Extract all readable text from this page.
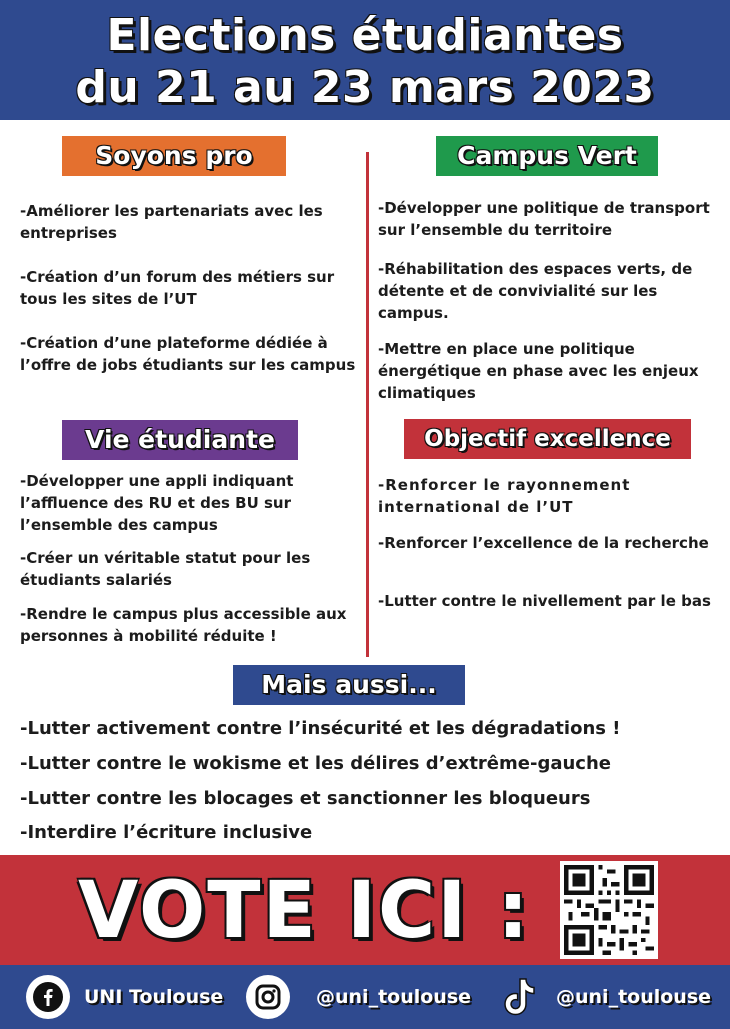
Elections étudiantes
du 21 au 23 mars 2023
Soyons pro
-Améliorer les partenariats avec les entreprises
-Création d’un forum des métiers sur tous les sites de l’UT
-Création d’une plateforme dédiée à l’offre de jobs étudiants sur les campus
Campus Vert
-Développer une politique de transport sur l’ensemble du territoire
-Réhabilitation des espaces verts, de détente et de convivialité sur les campus.
-Mettre en place une politique énergétique en phase avec les enjeux climatiques
Vie étudiante
-Développer une appli indiquant l’affluence des RU et des BU sur l’ensemble des campus
-Créer un véritable statut pour les étudiants salariés
-Rendre le campus plus accessible aux personnes à mobilité réduite !
Objectif excellence
-Renforcer le rayonnement international de l’UT
-Renforcer l’excellence de la recherche
-Lutter contre le nivellement par le bas
Mais aussi...
-Lutter activement contre l’insécurité et les dégradations !
-Lutter contre le wokisme et les délires d’extrême-gauche
-Lutter contre les blocages et sanctionner les bloqueurs
-Interdire l’écriture inclusive
VOTE ICI :
UNI Toulouse	@uni_toulouse	@uni_toulouse
